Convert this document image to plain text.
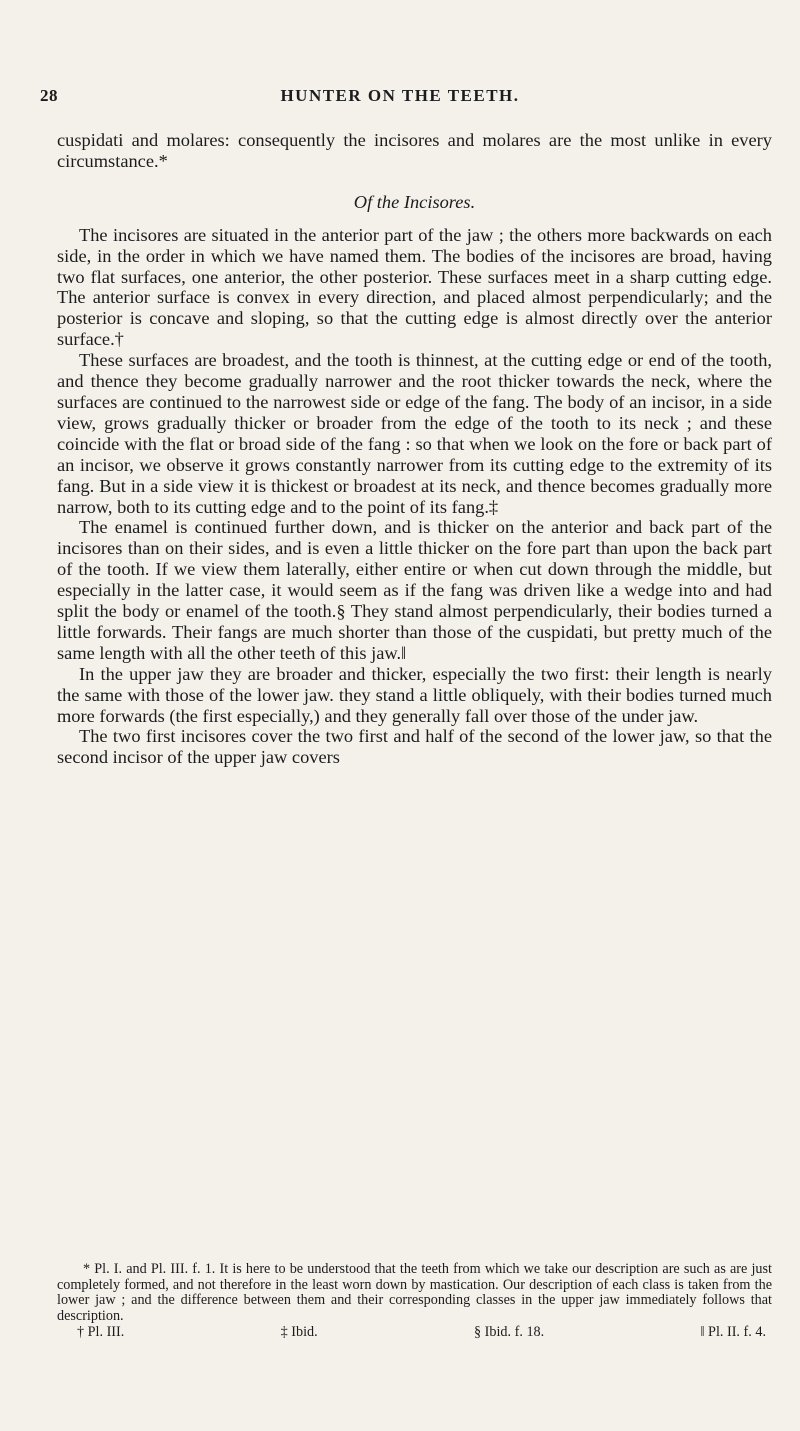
28	HUNTER ON THE TEETH.

cuspidati and molares: consequently the incisores and molares are the most unlike in every circumstance.*

Of the Incisores.

The incisores are situated in the anterior part of the jaw ; the others more backwards on each side, in the order in which we have named them. The bodies of the incisores are broad, having two flat surfaces, one anterior, the other posterior. These surfaces meet in a sharp cutting edge. The anterior surface is convex in every direction, and placed almost perpendicularly; and the posterior is concave and sloping, so that the cutting edge is almost directly over the anterior surface.†

These surfaces are broadest, and the tooth is thinnest, at the cutting edge or end of the tooth, and thence they become gradually narrower and the root thicker towards the neck, where the surfaces are continued to the narrowest side or edge of the fang. The body of an incisor, in a side view, grows gradually thicker or broader from the edge of the tooth to its neck ; and these coincide with the flat or broad side of the fang : so that when we look on the fore or back part of an incisor, we observe it grows constantly narrower from its cutting edge to the extremity of its fang. But in a side view it is thickest or broadest at its neck, and thence becomes gradually more narrow, both to its cutting edge and to the point of its fang.‡

The enamel is continued further down, and is thicker on the anterior and back part of the incisores than on their sides, and is even a little thicker on the fore part than upon the back part of the tooth. If we view them laterally, either entire or when cut down through the middle, but especially in the latter case, it would seem as if the fang was driven like a wedge into and had split the body or enamel of the tooth.§ They stand almost perpendicularly, their bodies turned a little forwards. Their fangs are much shorter than those of the cuspidati, but pretty much of the same length with all the other teeth of this jaw.‖

In the upper jaw they are broader and thicker, especially the two first: their length is nearly the same with those of the lower jaw. they stand a little obliquely, with their bodies turned much more forwards (the first especially,) and they generally fall over those of the under jaw.

The two first incisores cover the two first and half of the second of the lower jaw, so that the second incisor of the upper jaw covers

* Pl. I. and Pl. III. f. 1. It is here to be understood that the teeth from which we take our description are such as are just completely formed, and not therefore in the least worn down by mastication. Our description of each class is taken from the lower jaw ; and the difference between them and their corresponding classes in the upper jaw immediately follows that description.

† Pl. III.	‡ Ibid.	§ Ibid. f. 18.	‖ Pl. II. f. 4.
